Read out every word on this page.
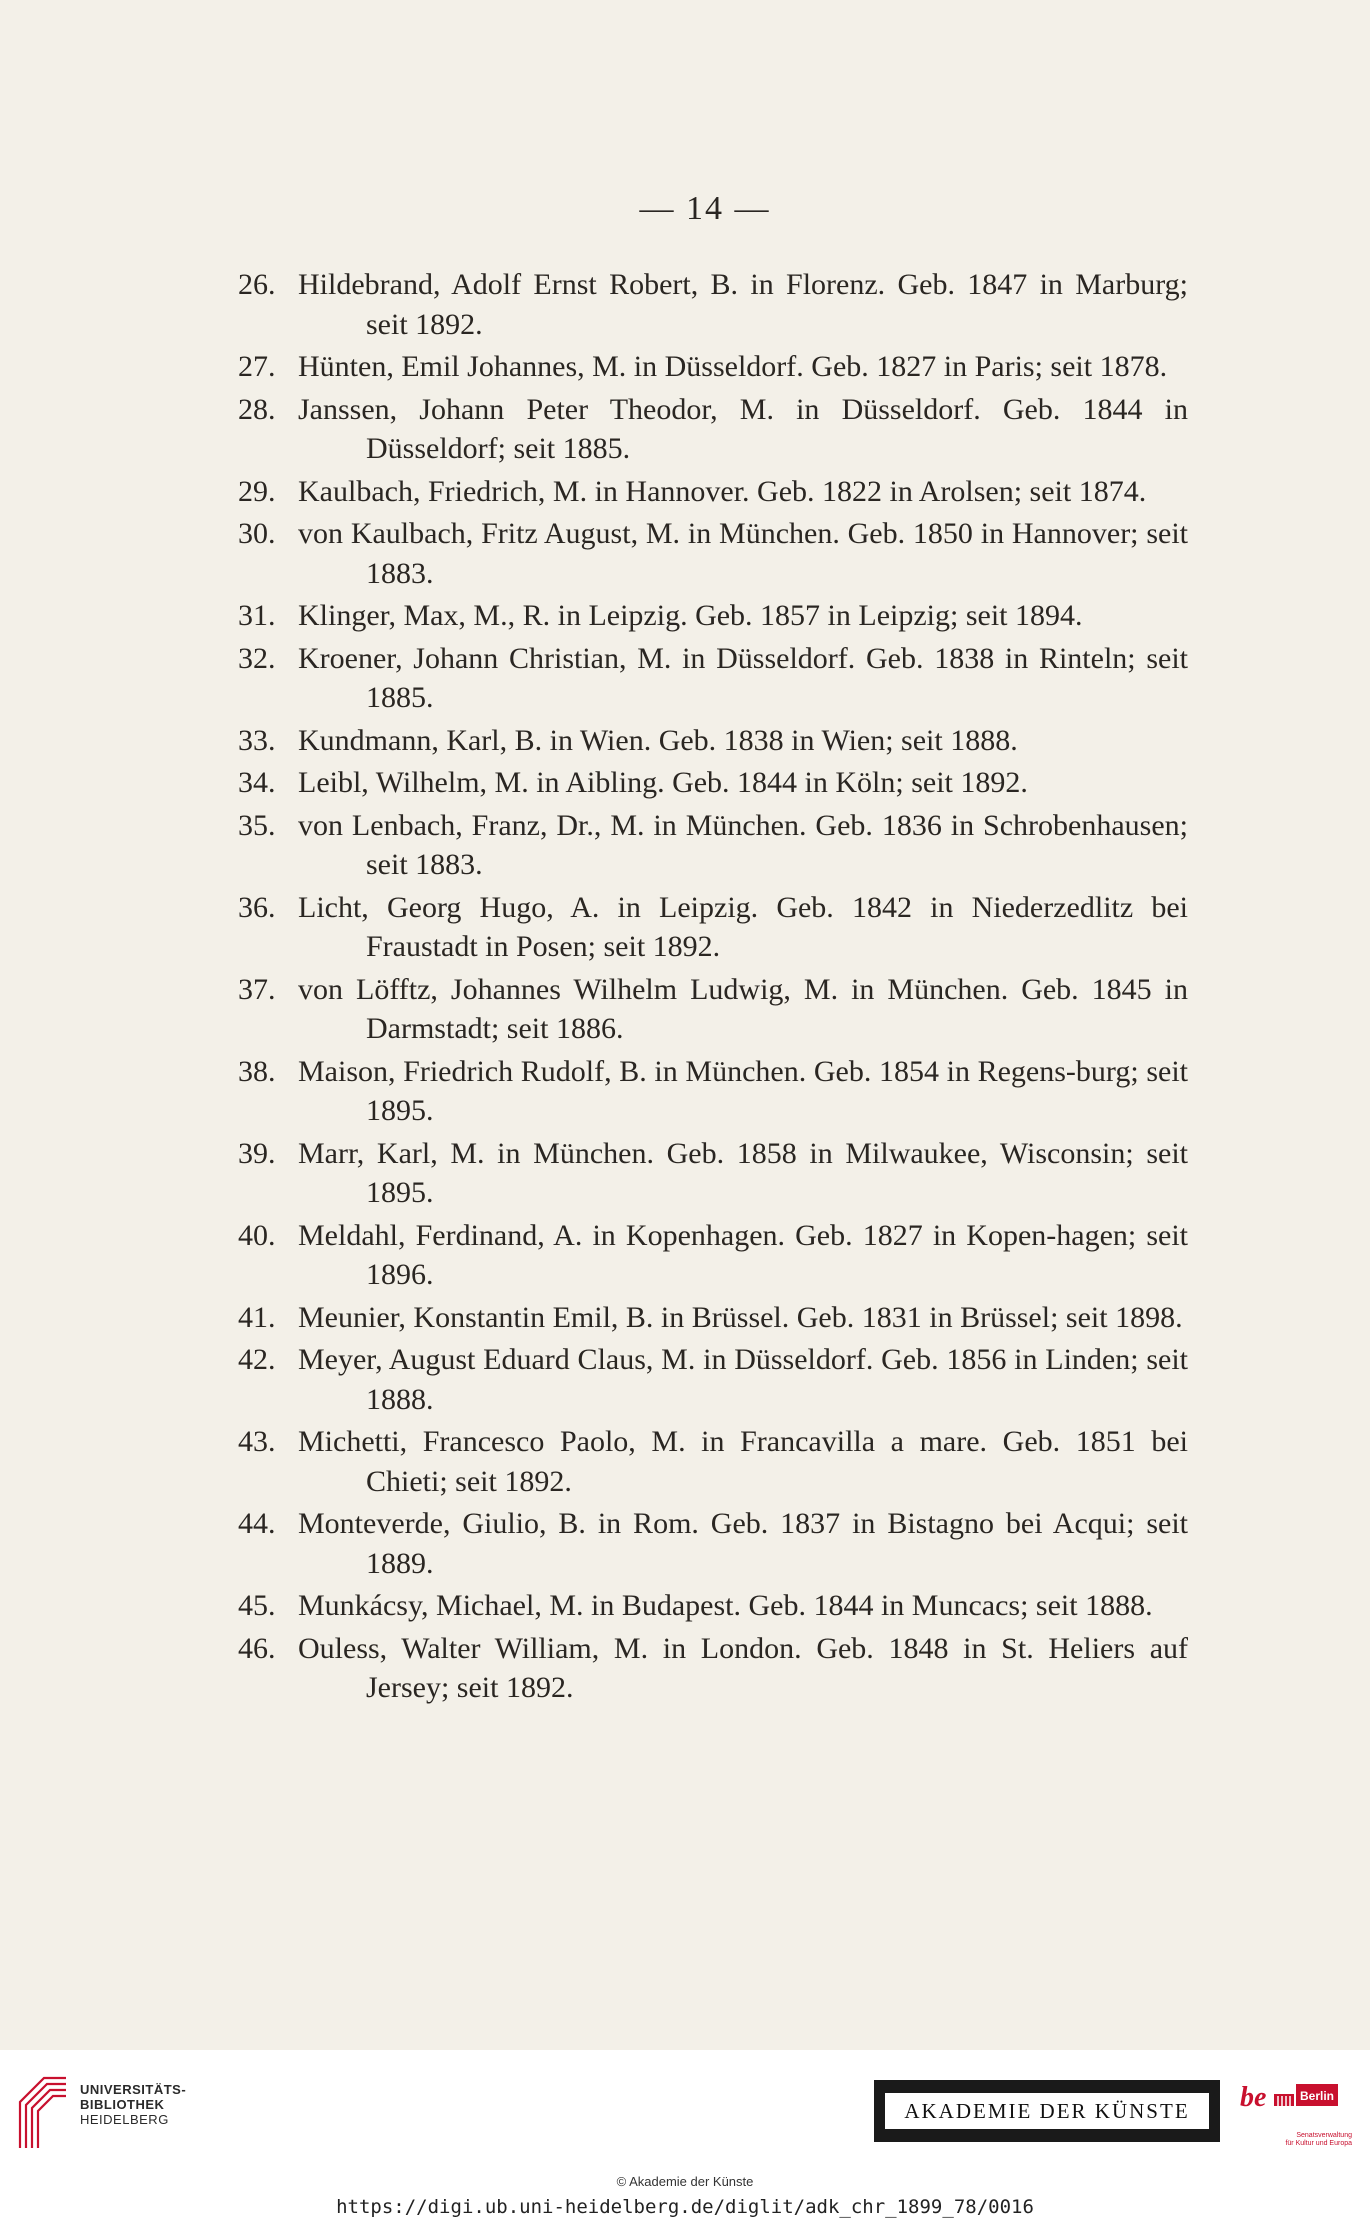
— 14 —
26. Hildebrand, Adolf Ernst Robert, B. in Florenz. Geb. 1847 in Marburg; seit 1892.
27. Hünten, Emil Johannes, M. in Düsseldorf. Geb. 1827 in Paris; seit 1878.
28. Janssen, Johann Peter Theodor, M. in Düsseldorf. Geb. 1844 in Düsseldorf; seit 1885.
29. Kaulbach, Friedrich, M. in Hannover. Geb. 1822 in Arolsen; seit 1874.
30. von Kaulbach, Fritz August, M. in München. Geb. 1850 in Hannover; seit 1883.
31. Klinger, Max, M., R. in Leipzig. Geb. 1857 in Leipzig; seit 1894.
32. Kroener, Johann Christian, M. in Düsseldorf. Geb. 1838 in Rinteln; seit 1885.
33. Kundmann, Karl, B. in Wien. Geb. 1838 in Wien; seit 1888.
34. Leibl, Wilhelm, M. in Aibling. Geb. 1844 in Köln; seit 1892.
35. von Lenbach, Franz, Dr., M. in München. Geb. 1836 in Schrobenhausen; seit 1883.
36. Licht, Georg Hugo, A. in Leipzig. Geb. 1842 in Niederzedlitz bei Fraustadt in Posen; seit 1892.
37. von Löfftz, Johannes Wilhelm Ludwig, M. in München. Geb. 1845 in Darmstadt; seit 1886.
38. Maison, Friedrich Rudolf, B. in München. Geb. 1854 in Regens-burg; seit 1895.
39. Marr, Karl, M. in München. Geb. 1858 in Milwaukee, Wisconsin; seit 1895.
40. Meldahl, Ferdinand, A. in Kopenhagen. Geb. 1827 in Kopen-hagen; seit 1896.
41. Meunier, Konstantin Emil, B. in Brüssel. Geb. 1831 in Brüssel; seit 1898.
42. Meyer, August Eduard Claus, M. in Düsseldorf. Geb. 1856 in Linden; seit 1888.
43. Michetti, Francesco Paolo, M. in Francavilla a mare. Geb. 1851 bei Chieti; seit 1892.
44. Monteverde, Giulio, B. in Rom. Geb. 1837 in Bistagno bei Acqui; seit 1889.
45. Munkácsy, Michael, M. in Budapest. Geb. 1844 in Muncacs; seit 1888.
46. Ouless, Walter William, M. in London. Geb. 1848 in St. Heliers auf Jersey; seit 1892.
UNIVERSITÄTS-
BIBLIOTHEK
HEIDELBERG	AKADEMIE DER KÜNSTE	be	Berlin
Senatsverwaltung
für Kultur und Europa
© Akademie der Künste
https://digi.ub.uni-heidelberg.de/diglit/adk_chr_1899_78/0016
